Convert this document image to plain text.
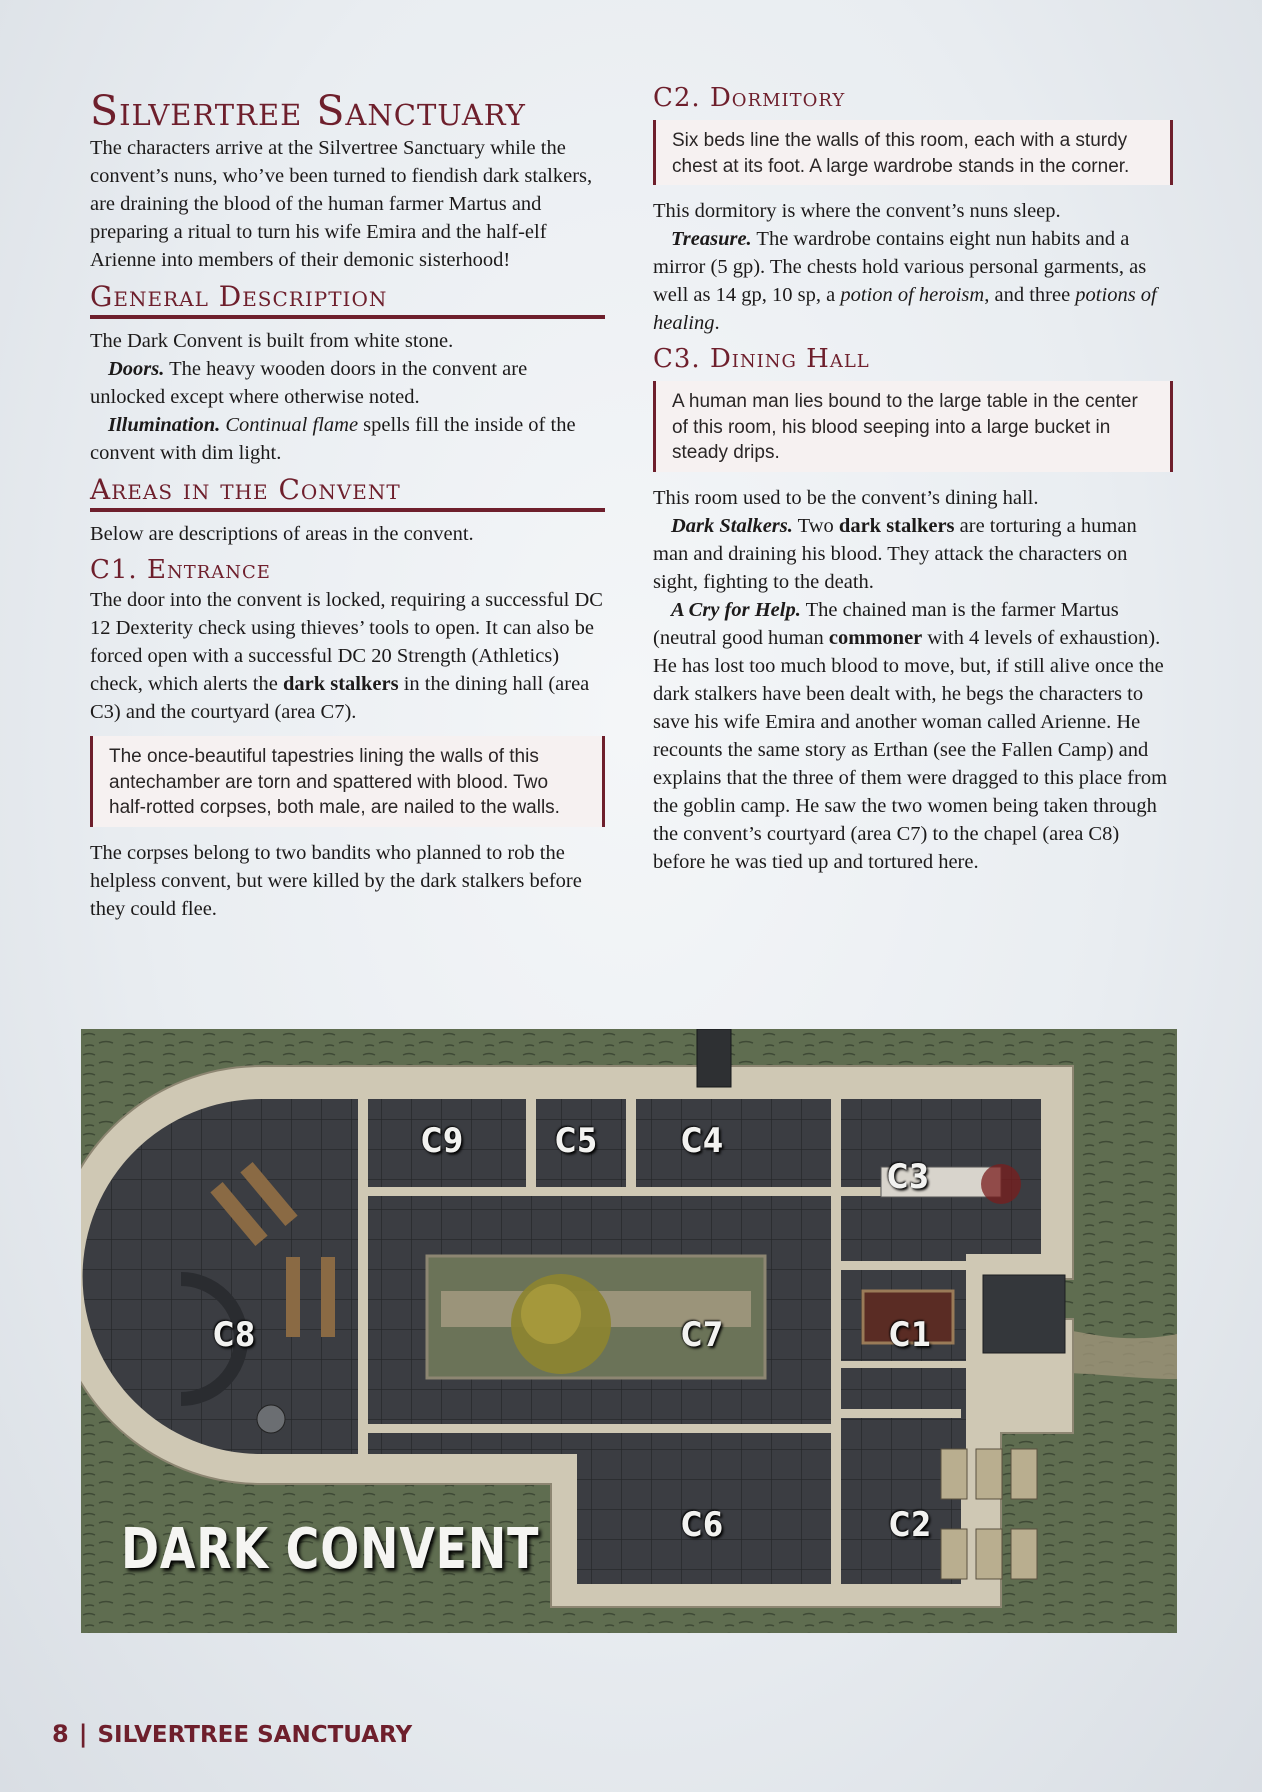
Silvertree Sanctuary

The characters arrive at the Silvertree Sanctuary while the convent’s nuns, who’ve been turned to fiendish dark stalkers, are draining the blood of the human farmer Martus and preparing a ritual to turn his wife Emira and the half-elf Arienne into members of their demonic sisterhood!

General Description

The Dark Convent is built from white stone.

Doors. The heavy wooden doors in the convent are unlocked except where otherwise noted.

Illumination. Continual flame spells fill the inside of the convent with dim light.

Areas in the Convent

Below are descriptions of areas in the convent.

C1. Entrance

The door into the convent is locked, requiring a successful DC 12 Dexterity check using thieves’ tools to open. It can also be forced open with a successful DC 20 Strength (Athletics) check, which alerts the dark stalkers in the dining hall (area C3) and the courtyard (area C7).

The once-beautiful tapestries lining the walls of this antechamber are torn and spattered with blood. Two half-rotted corpses, both male, are nailed to the walls.

The corpses belong to two bandits who planned to rob the helpless convent, but were killed by the dark stalkers before they could flee.

C2. Dormitory
Six beds line the walls of this room, each with a sturdy chest at its foot. A large wardrobe stands in the corner.

This dormitory is where the convent’s nuns sleep.

Treasure. The wardrobe contains eight nun habits and a mirror (5 gp). The chests hold various personal garments, as well as 14 gp, 10 sp, a potion of heroism, and three potions of healing.

C3. Dining Hall
A human man lies bound to the large table in the center of this room, his blood seeping into a large bucket in steady drips.

This room used to be the convent’s dining hall.

Dark Stalkers. Two dark stalkers are torturing a human man and draining his blood. They attack the characters on sight, fighting to the death.

A Cry for Help. The chained man is the farmer Martus (neutral good human commoner with 4 levels of exhaustion). He has lost too much blood to move, but, if still alive once the dark stalkers have been dealt with, he begs the characters to save his wife Emira and another woman called Arienne. He recounts the same story as Erthan (see the Fallen Camp) and explains that the three of them were dragged to this place from the goblin camp. He saw the two women being taken through the convent’s courtyard (area C7) to the chapel (area C8) before he was tied up and tortured here.

C9	C5 C4
C3
C8	C7	C1
C6	C2
DARK CONVENT
8 | SILVERTREE SANCTUARY
